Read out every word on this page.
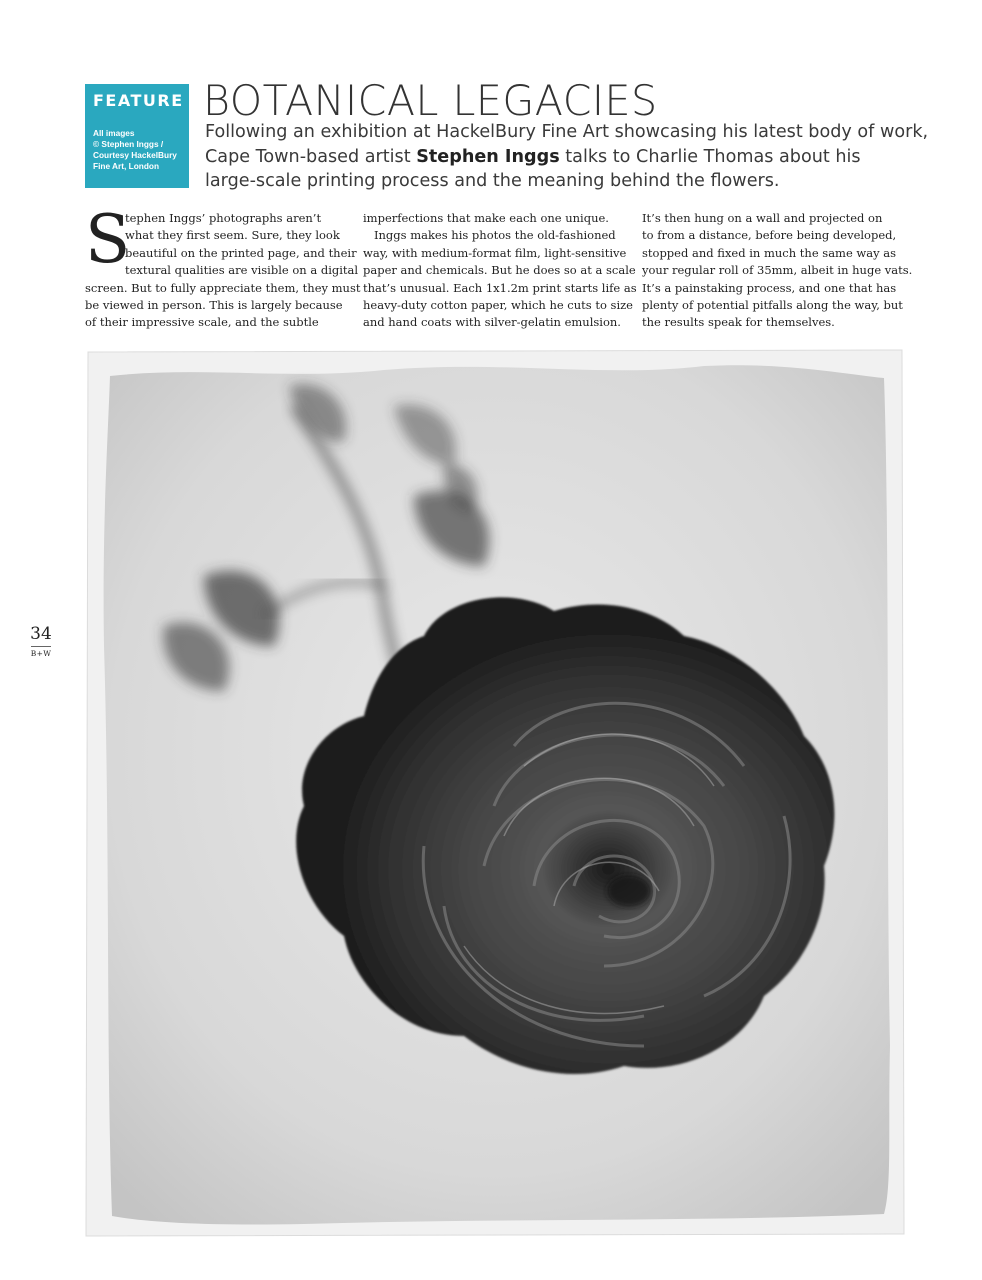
FEATURE
All images
© Stephen Inggs /
Courtesy HackelBury
Fine Art, London
BOTANICAL LEGACIES
Following an exhibition at HackelBury Fine Art showcasing his latest body of work,
Cape Town-based artist Stephen Inggs talks to Charlie Thomas about his
large-scale printing process and the meaning behind the flowers.
S
tephen Inggs’ photographs aren’t
what they first seem. Sure, they look
beautiful on the printed page, and their
textural qualities are visible on a digital
screen. But to fully appreciate them, they must
be viewed in person. This is largely because
of their impressive scale, and the subtle
imperfections that make each one unique.
Inggs makes his photos the old-fashioned
way, with medium-format film, light-sensitive
paper and chemicals. But he does so at a scale
that’s unusual. Each 1x1.2m print starts life as
heavy-duty cotton paper, which he cuts to size
and hand coats with silver-gelatin emulsion.
It’s then hung on a wall and projected on
to from a distance, before being developed,
stopped and fixed in much the same way as
your regular roll of 35mm, albeit in huge vats.
It’s a painstaking process, and one that has
plenty of potential pitfalls along the way, but
the results speak for themselves.
34
B+W
